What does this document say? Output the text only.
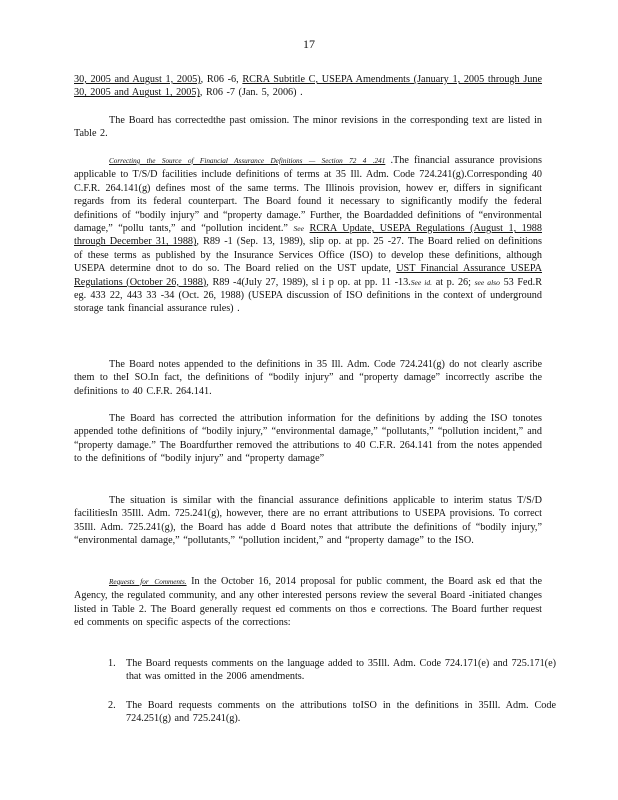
17
30, 2005 and August 1, 2005), R06 -6, RCRA Subtitle C, USEPA Amendments (January 1, 2005 through June 30, 2005 and August 1, 2005), R06 -7 (Jan. 5, 2006) .
The Board has correctedthe past omission. The minor revisions in the corresponding text are listed in Table 2.
Correcting the Source of Financial Assurance Definitions — Section 72 4 .241 .The financial assurance provisions applicable to T/S/D facilities include definitions of terms at 35 Ill. Adm. Code 724.241(g).Corresponding 40 C.F.R. 264.141(g) defines most of the same terms. The Illinois provision, howev er, differs in significant regards from its federal counterpart. The Board found it necessary to significantly modify the federal definitions of “bodily injury” and “property damage.” Further, the Boardadded definitions of “environmental damage,” “pollu tants,” and “pollution incident.” See RCRA Update, USEPA Regulations (August 1, 1988 through December 31, 1988), R89 -1 (Sep. 13, 1989), slip op. at pp. 25 -27. The Board relied on definitions of these terms as published by the Insurance Services Office (ISO) to develop these definitions, although USEPA determine dnot to do so. The Board relied on the UST update, UST Financial Assurance USEPA Regulations (October 26, 1988), R89 -4(July 27, 1989), sl i p op. at pp. 11 -13.See id. at p. 26; see also 53 Fed.R eg. 433 22, 443 33 -34 (Oct. 26, 1988) (USEPA discussion of ISO definitions in the context of underground storage tank financial assurance rules) .
The Board notes appended to the definitions in 35 Ill. Adm. Code 724.241(g) do not clearly ascribe them to theI SO.In fact, the definitions of “bodily injury” and “property damage” incorrectly ascribe the definitions to 40 C.F.R. 264.141.
The Board has corrected the attribution information for the definitions by adding the ISO tonotes appended tothe definitions of “bodily injury,” “environmental damage,” “pollutants,” “pollution incident,” and “property damage.” The Boardfurther removed the attributions to 40 C.F.R. 264.141 from the notes appended to the definitions of “bodily injury” and “property damage”
The situation is similar with the financial assurance definitions applicable to interim status T/S/D facilitiesIn 35Ill. Adm. 725.241(g), however, there are no errant attributions to USEPA provisions. To correct 35Ill. Adm. 725.241(g), the Board has adde d Board notes that attribute the definitions of “bodily injury,” “environmental damage,” “pollutants,” “pollution incident,” and “property damage” to the ISO.
Requests for Comments. In the October 16, 2014 proposal for public comment, the Board ask ed that the Agency, the regulated community, and any other interested persons review the several Board -initiated changes listed in Table 2. The Board generally request ed comments on thos e corrections. The Board further request ed comments on specific aspects of the corrections:
1. The Board requests comments on the language added to 35Ill. Adm. Code 724.171(e) and 725.171(e) that was omitted in the 2006 amendments.
2. The Board requests comments on the attributions toISO in the definitions in 35Ill. Adm. Code 724.251(g) and 725.241(g).
